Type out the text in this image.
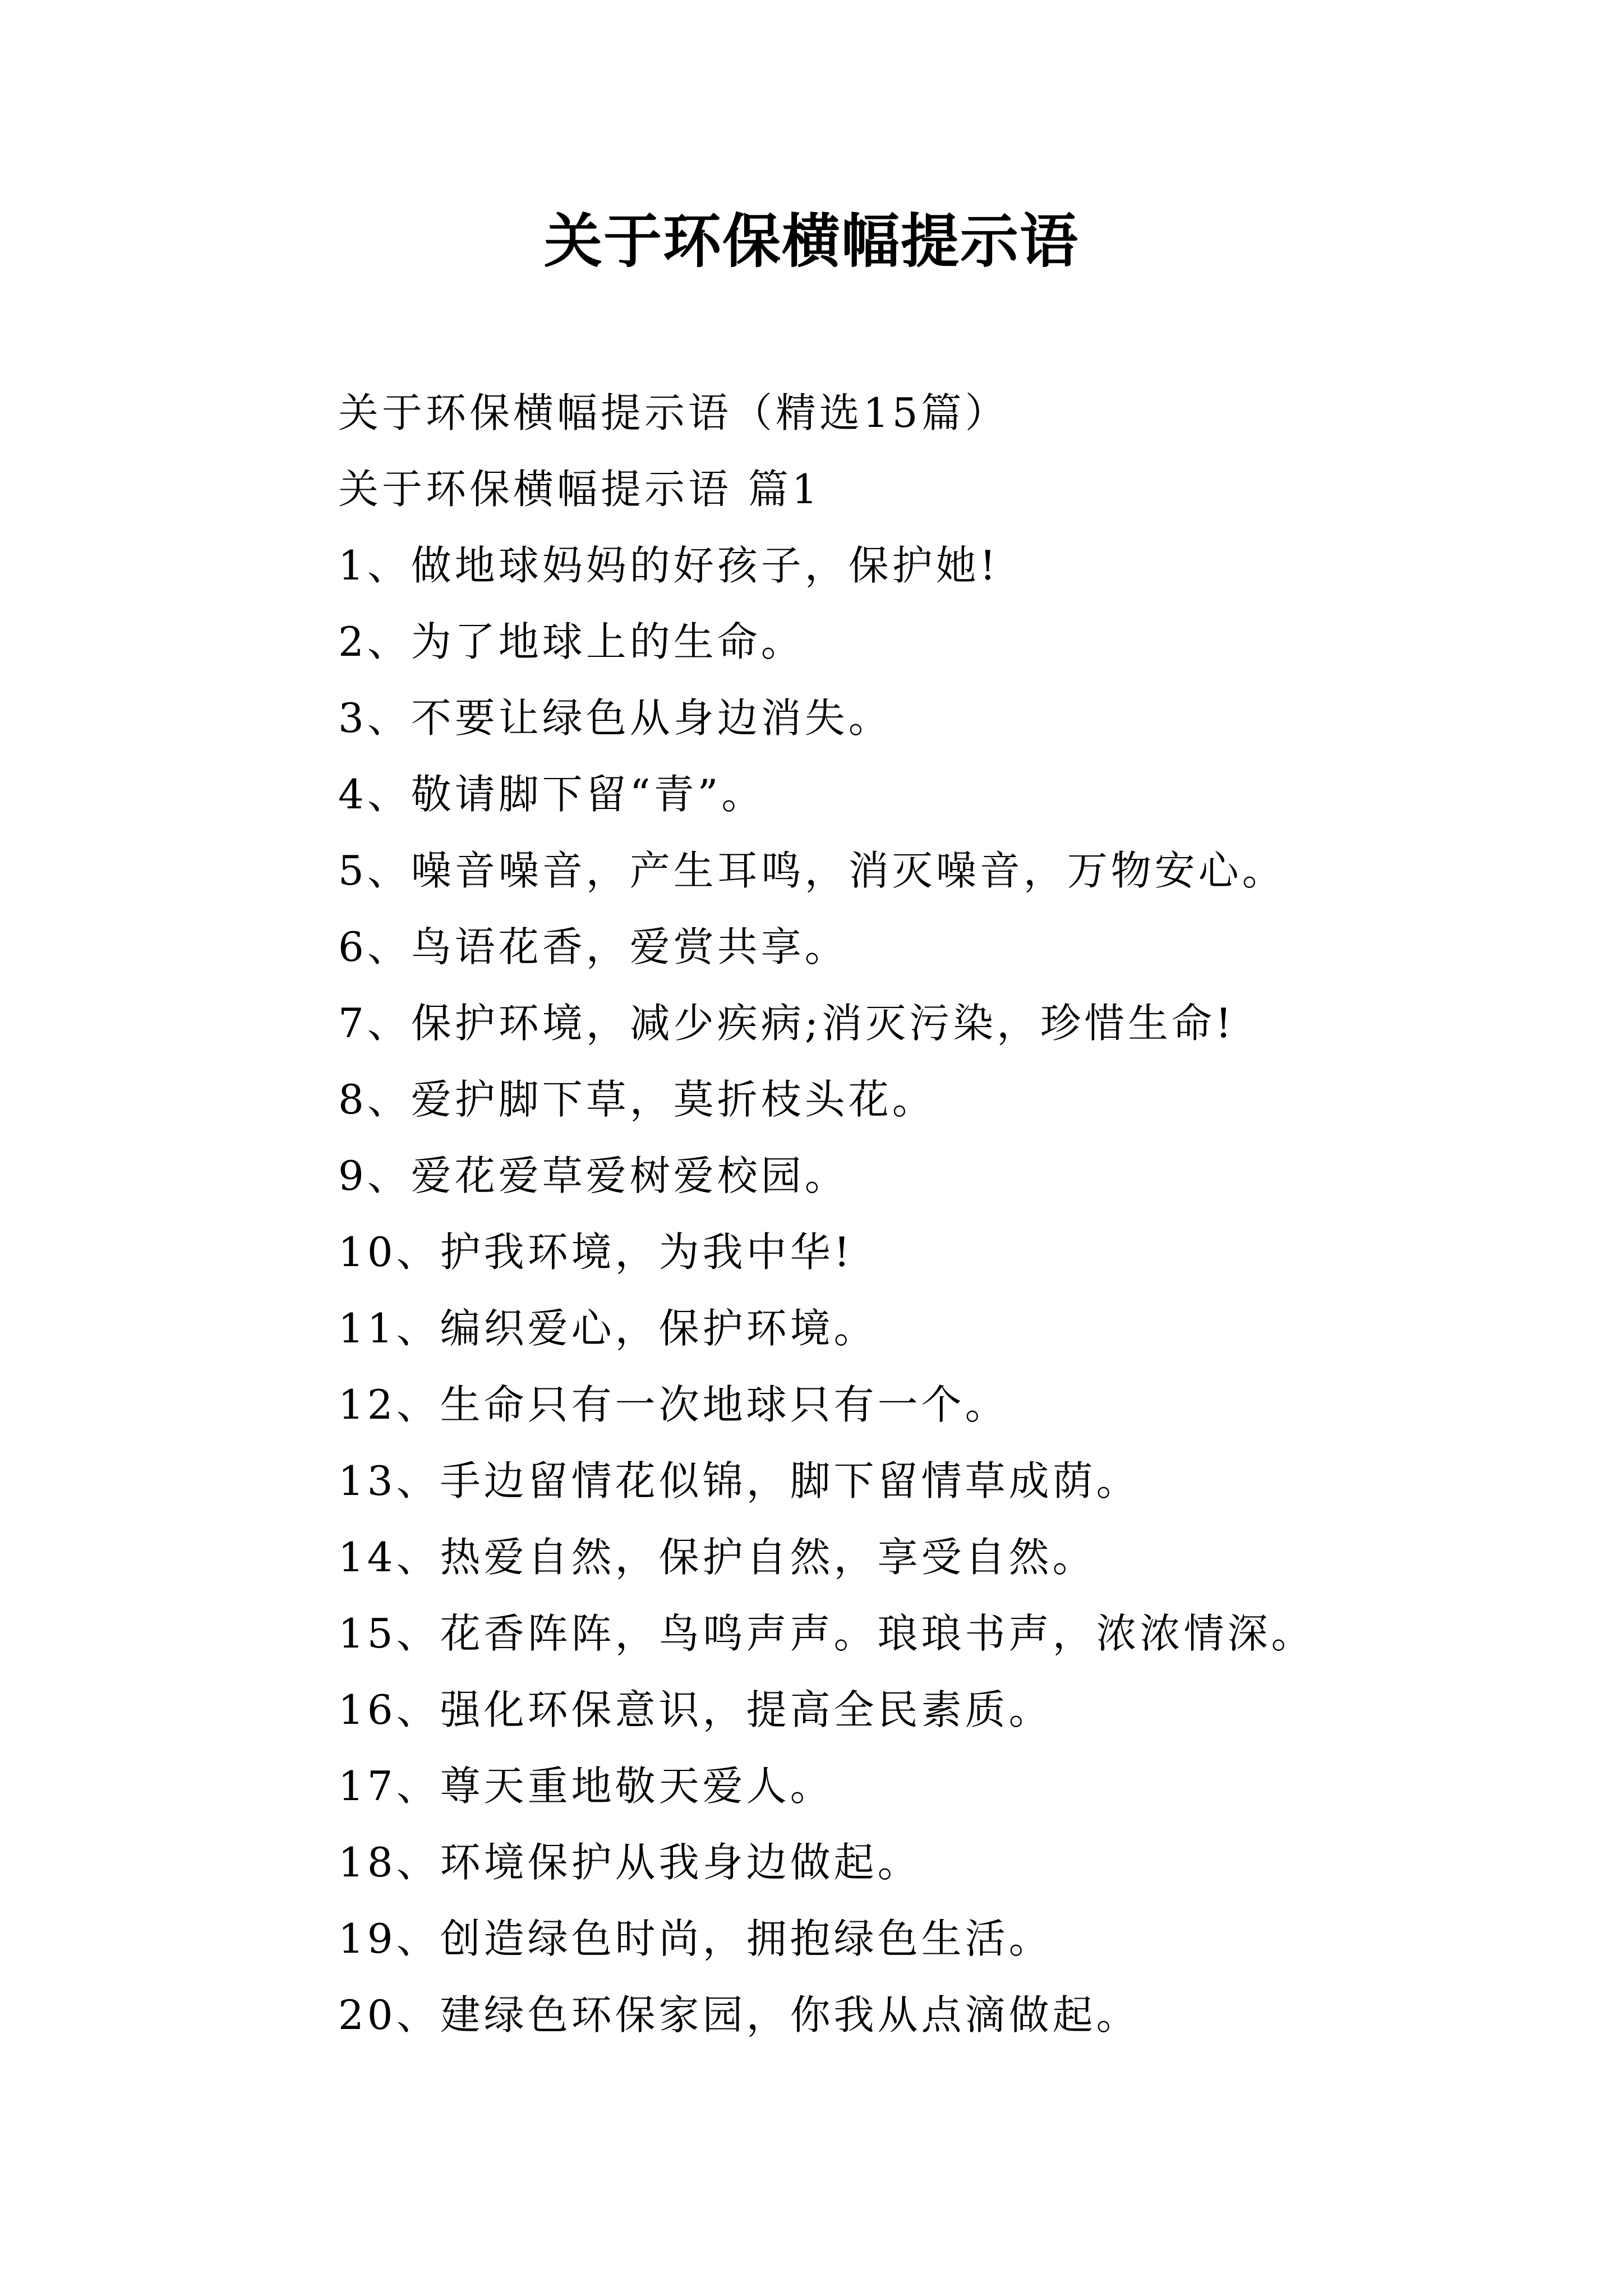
关于环保横幅提示语
关于环保横幅提示语（精选15篇）
关于环保横幅提示语 篇1
1、做地球妈妈的好孩子，保护她!
2、为了地球上的生命。
3、不要让绿色从身边消失。
4、敬请脚下留“青”。
5、噪音噪音，产生耳鸣，消灭噪音，万物安心。
6、鸟语花香，爱赏共享。
7、保护环境，减少疾病;消灭污染，珍惜生命!
8、爱护脚下草，莫折枝头花。
9、爱花爱草爱树爱校园。
10、护我环境，为我中华!
11、编织爱心，保护环境。
12、生命只有一次地球只有一个。
13、手边留情花似锦，脚下留情草成荫。
14、热爱自然，保护自然，享受自然。
15、花香阵阵，鸟鸣声声。琅琅书声，浓浓情深。
16、强化环保意识，提高全民素质。
17、尊天重地敬天爱人。
18、环境保护从我身边做起。
19、创造绿色时尚，拥抱绿色生活。
20、建绿色环保家园，你我从点滴做起。
